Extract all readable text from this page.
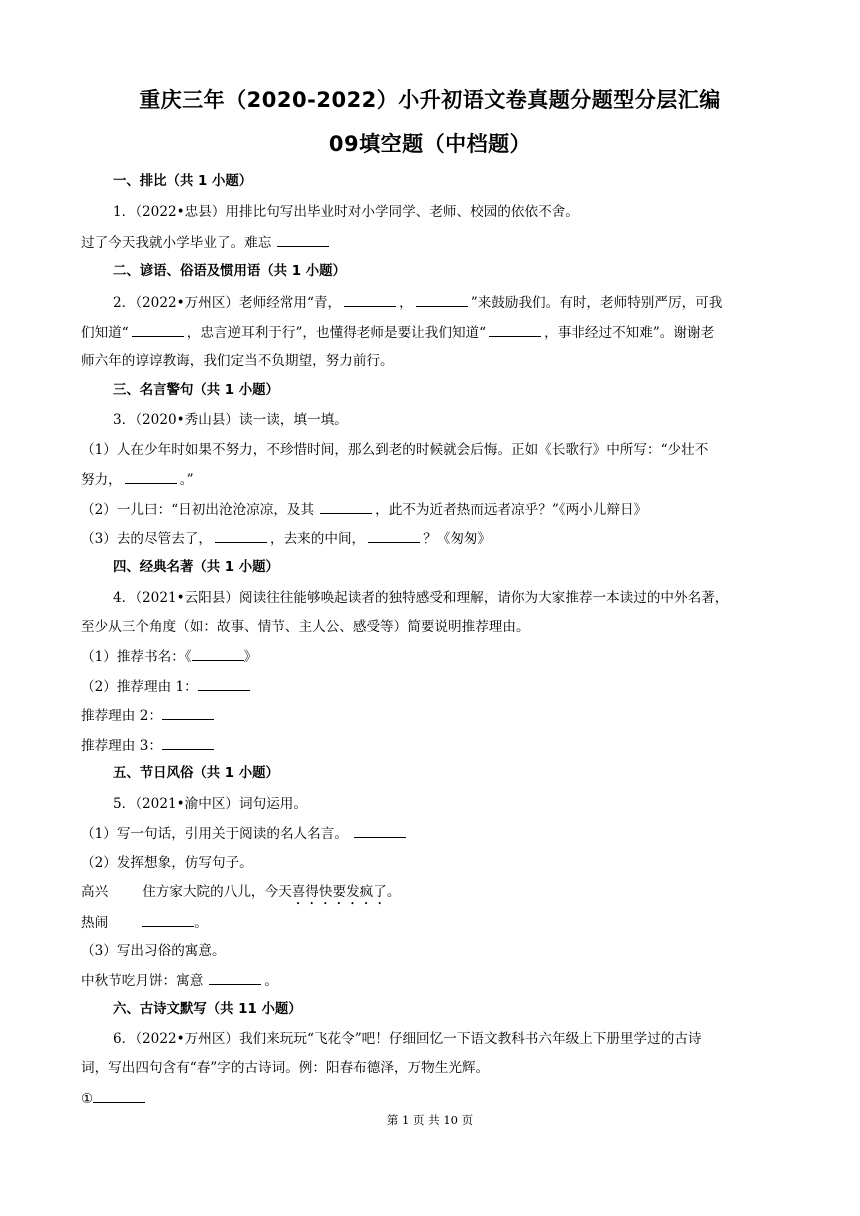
重庆三年（2020-2022）小升初语文卷真题分题型分层汇编
09填空题（中档题）
一、排比（共 1 小题）
1．（2022•忠县）用排比句写出毕业时对小学同学、老师、校园的依依不舍。
过了今天我就小学毕业了。难忘
二、谚语、俗语及惯用语（共 1 小题）
2．（2022•万州区）老师经常用“青，	，	”来鼓励我们。有时，老师特别严厉，可我
们知道“	，忠言逆耳利于行”，也懂得老师是要让我们知道“	，事非经过不知难”。谢谢老
师六年的谆谆教诲，我们定当不负期望，努力前行。
三、名言警句（共 1 小题）
3．（2020•秀山县）读一读，填一填。
（1）人在少年时如果不努力，不珍惜时间，那么到老的时候就会后悔。正如《长歌行》中所写：“少壮不
努力，	。”
（2）一儿曰：“日初出沧沧凉凉，及其	，此不为近者热而远者凉乎？”《两小儿辩日》
（3）去的尽管去了，	，去来的中间，	？《匆匆》
四、经典名著（共 1 小题）
4．（2021•云阳县）阅读往往能够唤起读者的独特感受和理解，请你为大家推荐一本读过的中外名著，
至少从三个角度（如：故事、情节、主人公、感受等）简要说明推荐理由。
（1）推荐书名：《	》
（2）推荐理由 1：
推荐理由 2：
推荐理由 3：
五、节日风俗（共 1 小题）
5．（2021•渝中区）词句运用。
（1）写一句话，引用关于阅读的名人名言。
（2）发挥想象，仿写句子。
高兴	住方家大院的八儿，今天喜得快要发疯了。
热闹	。
（3）写出习俗的寓意。
中秋节吃月饼：寓意	。
六、古诗文默写（共 11 小题）
6．（2022•万州区）我们来玩玩“飞花令”吧！仔细回忆一下语文教科书六年级上下册里学过的古诗
词，写出四句含有“春”字的古诗词。例：阳春布德泽，万物生光辉。
①
第 1 页 共 10 页
